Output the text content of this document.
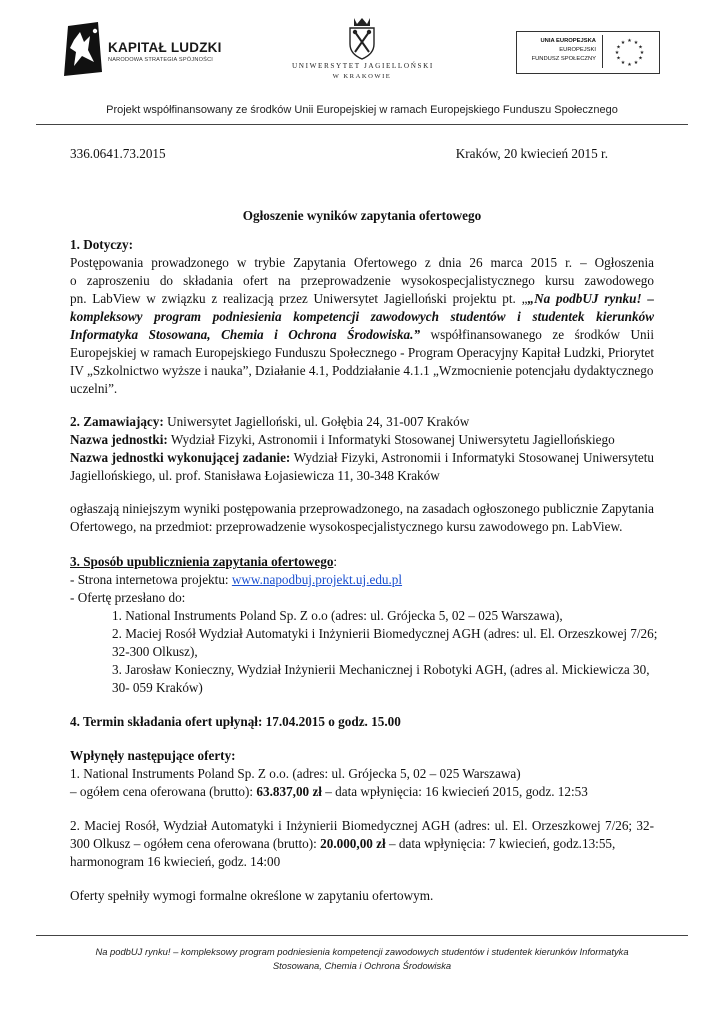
KAPITAŁ LUDZKI
NARODOWA STRATEGIA SPÓJNOŚCI
UNIWERSYTET JAGIELLOŃSKI
W KRAKOWIE
UNIA EUROPEJSKA
EUROPEJSKI
FUNDUSZ SPOŁECZNY
★ ★
★
★
★
★
★
★
★
★
★
★
Projekt współfinansowany ze środków Unii Europejskiej w ramach Europejskiego Funduszu Społecznego
336.0641.73.2015	Kraków, 20 kwiecień 2015 r.
Ogłoszenie wyników zapytania ofertowego
1. Dotyczy:
Postępowania prowadzonego w trybie Zapytania Ofertowego z dnia 26 marca 2015 r. – Ogłoszenia
o zaproszeniu do składania ofert na przeprowadzenie wysokospecjalistycznego kursu zawodowego
pn. LabView w związku z realizacją przez Uniwersytet Jagielloński projektu pt. „„Na podbUJ rynku! –
kompleksowy program podniesienia kompetencji zawodowych studentów i studentek kierunków
Informatyka Stosowana, Chemia i Ochrona Środowiska.” współfinansowanego ze środków Unii
Europejskiej w ramach Europejskiego Funduszu Społecznego - Program Operacyjny Kapitał Ludzki, Priorytet
IV „Szkolnictwo wyższe i nauka”, Działanie 4.1, Poddziałanie 4.1.1 „Wzmocnienie potencjału dydaktycznego
uczelni”.
2. Zamawiający: Uniwersytet Jagielloński, ul. Gołębia 24, 31-007 Kraków
Nazwa jednostki: Wydział Fizyki, Astronomii i Informatyki Stosowanej Uniwersytetu Jagiellońskiego
Nazwa jednostki wykonującej zadanie: Wydział Fizyki, Astronomii i Informatyki Stosowanej Uniwersytetu
Jagiellońskiego, ul. prof. Stanisława Łojasiewicza 11, 30-348 Kraków
ogłaszają niniejszym wyniki postępowania przeprowadzonego, na zasadach ogłoszonego publicznie Zapytania
Ofertowego, na przedmiot: przeprowadzenie wysokospecjalistycznego kursu zawodowego pn. LabView.
3. Sposób upublicznienia zapytania ofertowego:
- Strona internetowa projektu: www.napodbuj.projekt.uj.edu.pl
- Ofertę przesłano do:
1. National Instruments Poland Sp. Z o.o (adres: ul. Grójecka 5, 02 – 025 Warszawa),
2. Maciej Rosół Wydział Automatyki i Inżynierii Biomedycznej AGH (adres: ul. El. Orzeszkowej 7/26;
32-300 Olkusz),
3. Jarosław Konieczny, Wydział Inżynierii Mechanicznej i Robotyki AGH, (adres al. Mickiewicza 30,
30- 059 Kraków)
4. Termin składania ofert upłynął: 17.04.2015 o godz. 15.00
Wpłynęły następujące oferty:
1. National Instruments Poland Sp. Z o.o. (adres: ul. Grójecka 5, 02 – 025 Warszawa)
– ogółem cena oferowana (brutto): 63.837,00 zł – data wpłynięcia: 16 kwiecień 2015, godz. 12:53
2. Maciej Rosół, Wydział Automatyki i Inżynierii Biomedycznej AGH (adres: ul. El. Orzeszkowej 7/26; 32-
300 Olkusz – ogółem cena oferowana (brutto): 20.000,00 zł – data wpłynięcia: 7 kwiecień, godz.13:55,
harmonogram 16 kwiecień, godz. 14:00
Oferty spełniły wymogi formalne określone w zapytaniu ofertowym.
Na podbUJ rynku! – kompleksowy program podniesienia kompetencji zawodowych studentów i studentek kierunków Informatyka
Stosowana, Chemia i Ochrona Środowiska
